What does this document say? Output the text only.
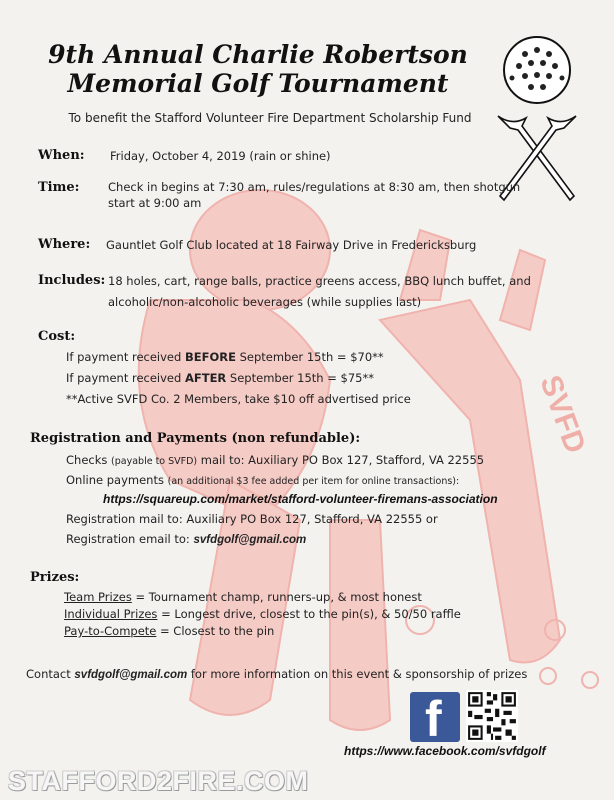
SVFD
9th Annual Charlie Robertson
Memorial Golf Tournament
To benefit the Stafford Volunteer Fire Department Scholarship Fund
When: Friday, October 4, 2019 (rain or shine)
Time: Check in begins at 7:30 am, rules/regulations at 8:30 am, then shotgun
start at 9:00 am
Where: Gauntlet Golf Club located at 18 Fairway Drive in Fredericksburg
Includes: 18 holes, cart, range balls, practice greens access, BBQ lunch buffet, and
alcoholic/non-alcoholic beverages (while supplies last)
Cost:
If payment received BEFORE September 15th = $70**
If payment received AFTER September 15th = $75**
**Active SVFD Co. 2 Members, take $10 off advertised price
Registration and Payments (non refundable):
Checks (payable to SVFD) mail to: Auxiliary PO Box 127, Stafford, VA 22555
Online payments (an additional $3 fee added per item for online transactions):
https://squareup.com/market/stafford-volunteer-firemans-association
Registration mail to: Auxiliary PO Box 127, Stafford, VA 22555 or
Registration email to: svfdgolf@gmail.com
Prizes:
Team Prizes = Tournament champ, runners-up, & most honest
Individual Prizes = Longest drive, closest to the pin(s), & 50/50 raffle
Pay-to-Compete = Closest to the pin
Contact svfdgolf@gmail.com for more information on this event & sponsorship of prizes
f
https://www.facebook.com/svfdgolf
STAFFORD2FIRE.COM
